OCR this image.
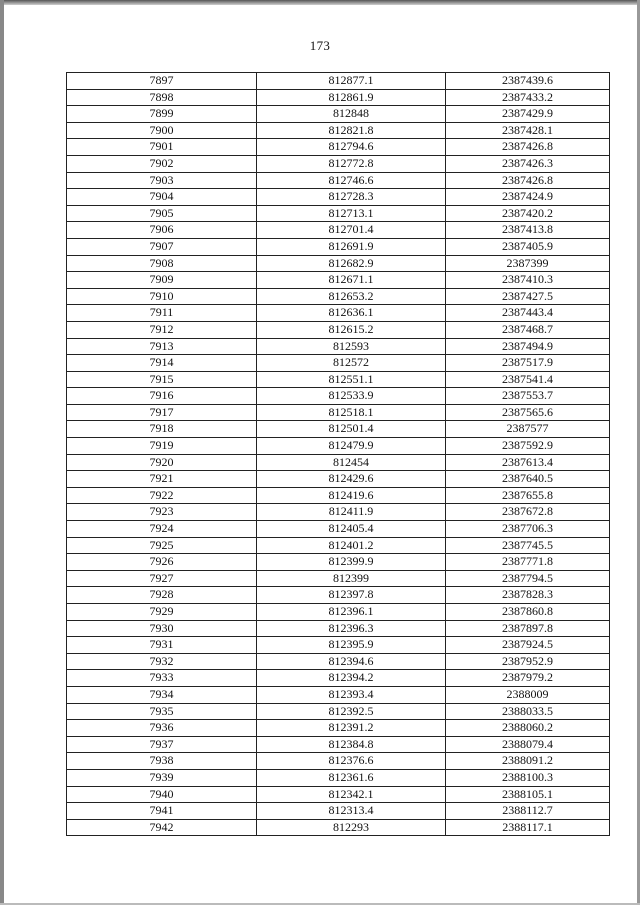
173
7897	812877.1	2387439.6
7898	812861.9	2387433.2
7899	812848	2387429.9
7900	812821.8	2387428.1
7901	812794.6	2387426.8
7902	812772.8	2387426.3
7903	812746.6	2387426.8
7904	812728.3	2387424.9
7905	812713.1	2387420.2
7906	812701.4	2387413.8
7907	812691.9	2387405.9
7908	812682.9	2387399
7909	812671.1	2387410.3
7910	812653.2	2387427.5
7911	812636.1	2387443.4
7912	812615.2	2387468.7
7913	812593	2387494.9
7914	812572	2387517.9
7915	812551.1	2387541.4
7916	812533.9	2387553.7
7917	812518.1	2387565.6
7918	812501.4	2387577
7919	812479.9	2387592.9
7920	812454	2387613.4
7921	812429.6	2387640.5
7922	812419.6	2387655.8
7923	812411.9	2387672.8
7924	812405.4	2387706.3
7925	812401.2	2387745.5
7926	812399.9	2387771.8
7927	812399	2387794.5
7928	812397.8	2387828.3
7929	812396.1	2387860.8
7930	812396.3	2387897.8
7931	812395.9	2387924.5
7932	812394.6	2387952.9
7933	812394.2	2387979.2
7934	812393.4	2388009
7935	812392.5	2388033.5
7936	812391.2	2388060.2
7937	812384.8	2388079.4
7938	812376.6	2388091.2
7939	812361.6	2388100.3
7940	812342.1	2388105.1
7941	812313.4	2388112.7
7942	812293	2388117.1
